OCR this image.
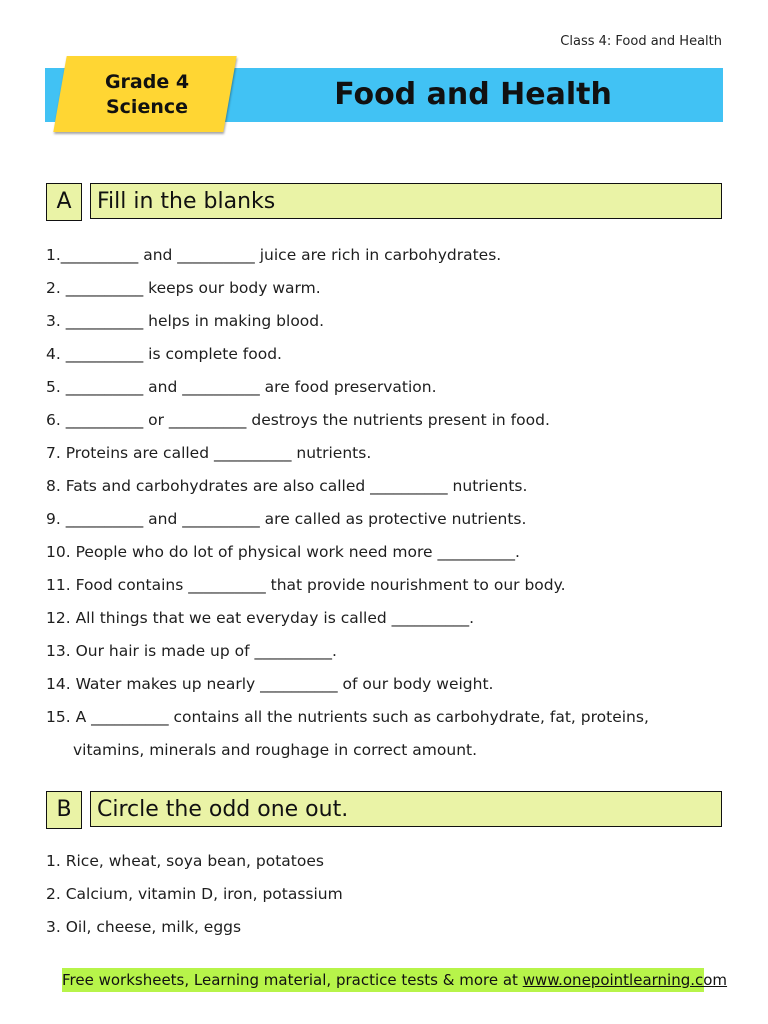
Class 4: Food and Health
Grade 4
Science	Food and Health
A	Fill in the blanks
1.__________ and __________ juice are rich in carbohydrates.
2. __________ keeps our body warm.
3. __________ helps in making blood.
4. __________ is complete food.
5. __________ and __________ are food preservation.
6. __________ or __________ destroys the nutrients present in food.
7. Proteins are called __________ nutrients.
8. Fats and carbohydrates are also called __________ nutrients.
9. __________ and __________ are called as protective nutrients.
10. People who do lot of physical work need more __________.
11. Food contains __________ that provide nourishment to our body.
12. All things that we eat everyday is called __________.
13. Our hair is made up of __________.
14. Water makes up nearly __________ of our body weight.
15. A __________ contains all the nutrients such as carbohydrate, fat, proteins,
vitamins, minerals and roughage in correct amount.
B	Circle the odd one out.
1. Rice, wheat, soya bean, potatoes
2. Calcium, vitamin D, iron, potassium
3. Oil, cheese, milk, eggs
Free worksheets, Learning material, practice tests & more at www.onepointlearning.com
